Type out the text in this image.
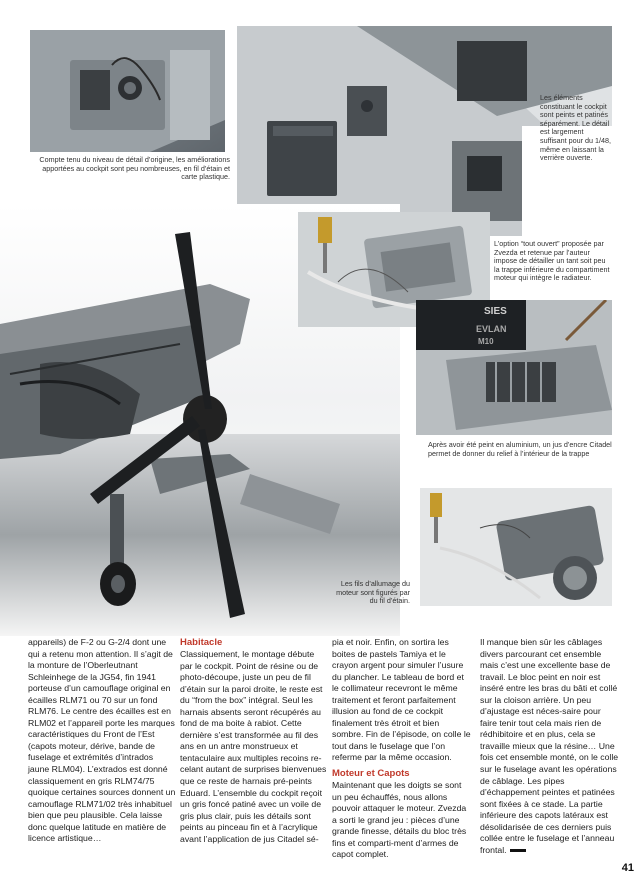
Compte tenu du niveau de détail d’origine, les améliorations apportées au cockpit sont peu nombreuses, en fil d’étain et carte plastique.
Les éléments constituant le cockpit sont peints et patinés séparément. Le détail est largement suffisant pour du 1/48, même en laissant la verrière ouverte.
L’option “tout ouvert” proposée par Zvezda et retenue par l’auteur impose de détailler un tant soit peu la trappe inférieure du compartiment moteur qui intègre le radiateur.
SIES
EVLAN
M10
Après avoir été peint en aluminium, un jus d’encre Citadel permet de donner du relief à l’intérieur de la trappe
Les fils d’allumage du moteur sont figurés par du fil d’étain.

appareils) de F-2 ou G-2/4 dont une qui a retenu mon attention. Il s’agit de la monture de l’Oberleutnant Schleinhege de la JG54, fin 1941 porteuse d’un camouflage original en écailles RLM71 ou 70 sur un fond RLM76. Le centre des écailles est en RLM02 et l’appareil porte les marques caractéristiques du Front de l’Est (capots moteur, dérive, bande de fuselage et extrémités d’intrados jaune RLM04). L’extrados est donné classiquement en gris RLM74/75 quoique certaines sources donnent un camouflage RLM71/02 très inhabituel bien que peu plausible. Cela laisse donc quelque latitude en matière de licence artistique…

Habitacle

Classiquement, le montage débute par le cockpit. Point de résine ou de photo-découpe, juste un peu de fil d’étain sur la paroi droite, le reste est du “from the box” intégral. Seul les harnais absents seront récupérés au fond de ma boite à rabiot. Cette dernière s’est transformée au fil des ans en un antre monstrueux et tentaculaire aux multiples recoins re-celant autant de surprises bienvenues que ce reste de harnais pré-peints Eduard. L’ensemble du cockpit reçoit un gris foncé patiné avec un voile de gris plus clair, puis les détails sont peints au pinceau fin et à l’acrylique avant l’application de jus Citadel sé-

pia et noir. Enfin, on sortira les boites de pastels Tamiya et le crayon argent pour simuler l’usure du plancher. Le tableau de bord et le collimateur recevront le même traitement et feront parfaitement illusion au fond de ce cockpit finalement très étroit et bien sombre. Fin de l’épisode, on colle le tout dans le fuselage que l’on referme par la même occasion.

Moteur et Capots

Maintenant que les doigts se sont un peu échauffés, nous allons pouvoir attaquer le moteur. Zvezda a sorti le grand jeu : pièces d’une grande finesse, détails du bloc très fins et comparti-ment d’armes de capot complet.

Il manque bien sûr les câblages divers parcourant cet ensemble mais c’est une excellente base de travail. Le bloc peint en noir est inséré entre les bras du bâti et collé sur la cloison arrière. Un peu d’ajustage est néces-saire pour faire tenir tout cela mais rien de rédhibitoire et en plus, cela se travaille mieux que la résine… Une fois cet ensemble monté, on le colle sur le fuselage avant les opérations de câblage. Les pipes d’échappement peintes et patinées sont fixées à ce stade. La partie inférieure des capots latéraux est désolidarisée de ces derniers puis collée entre le fuselage et l’anneau frontal.

41
